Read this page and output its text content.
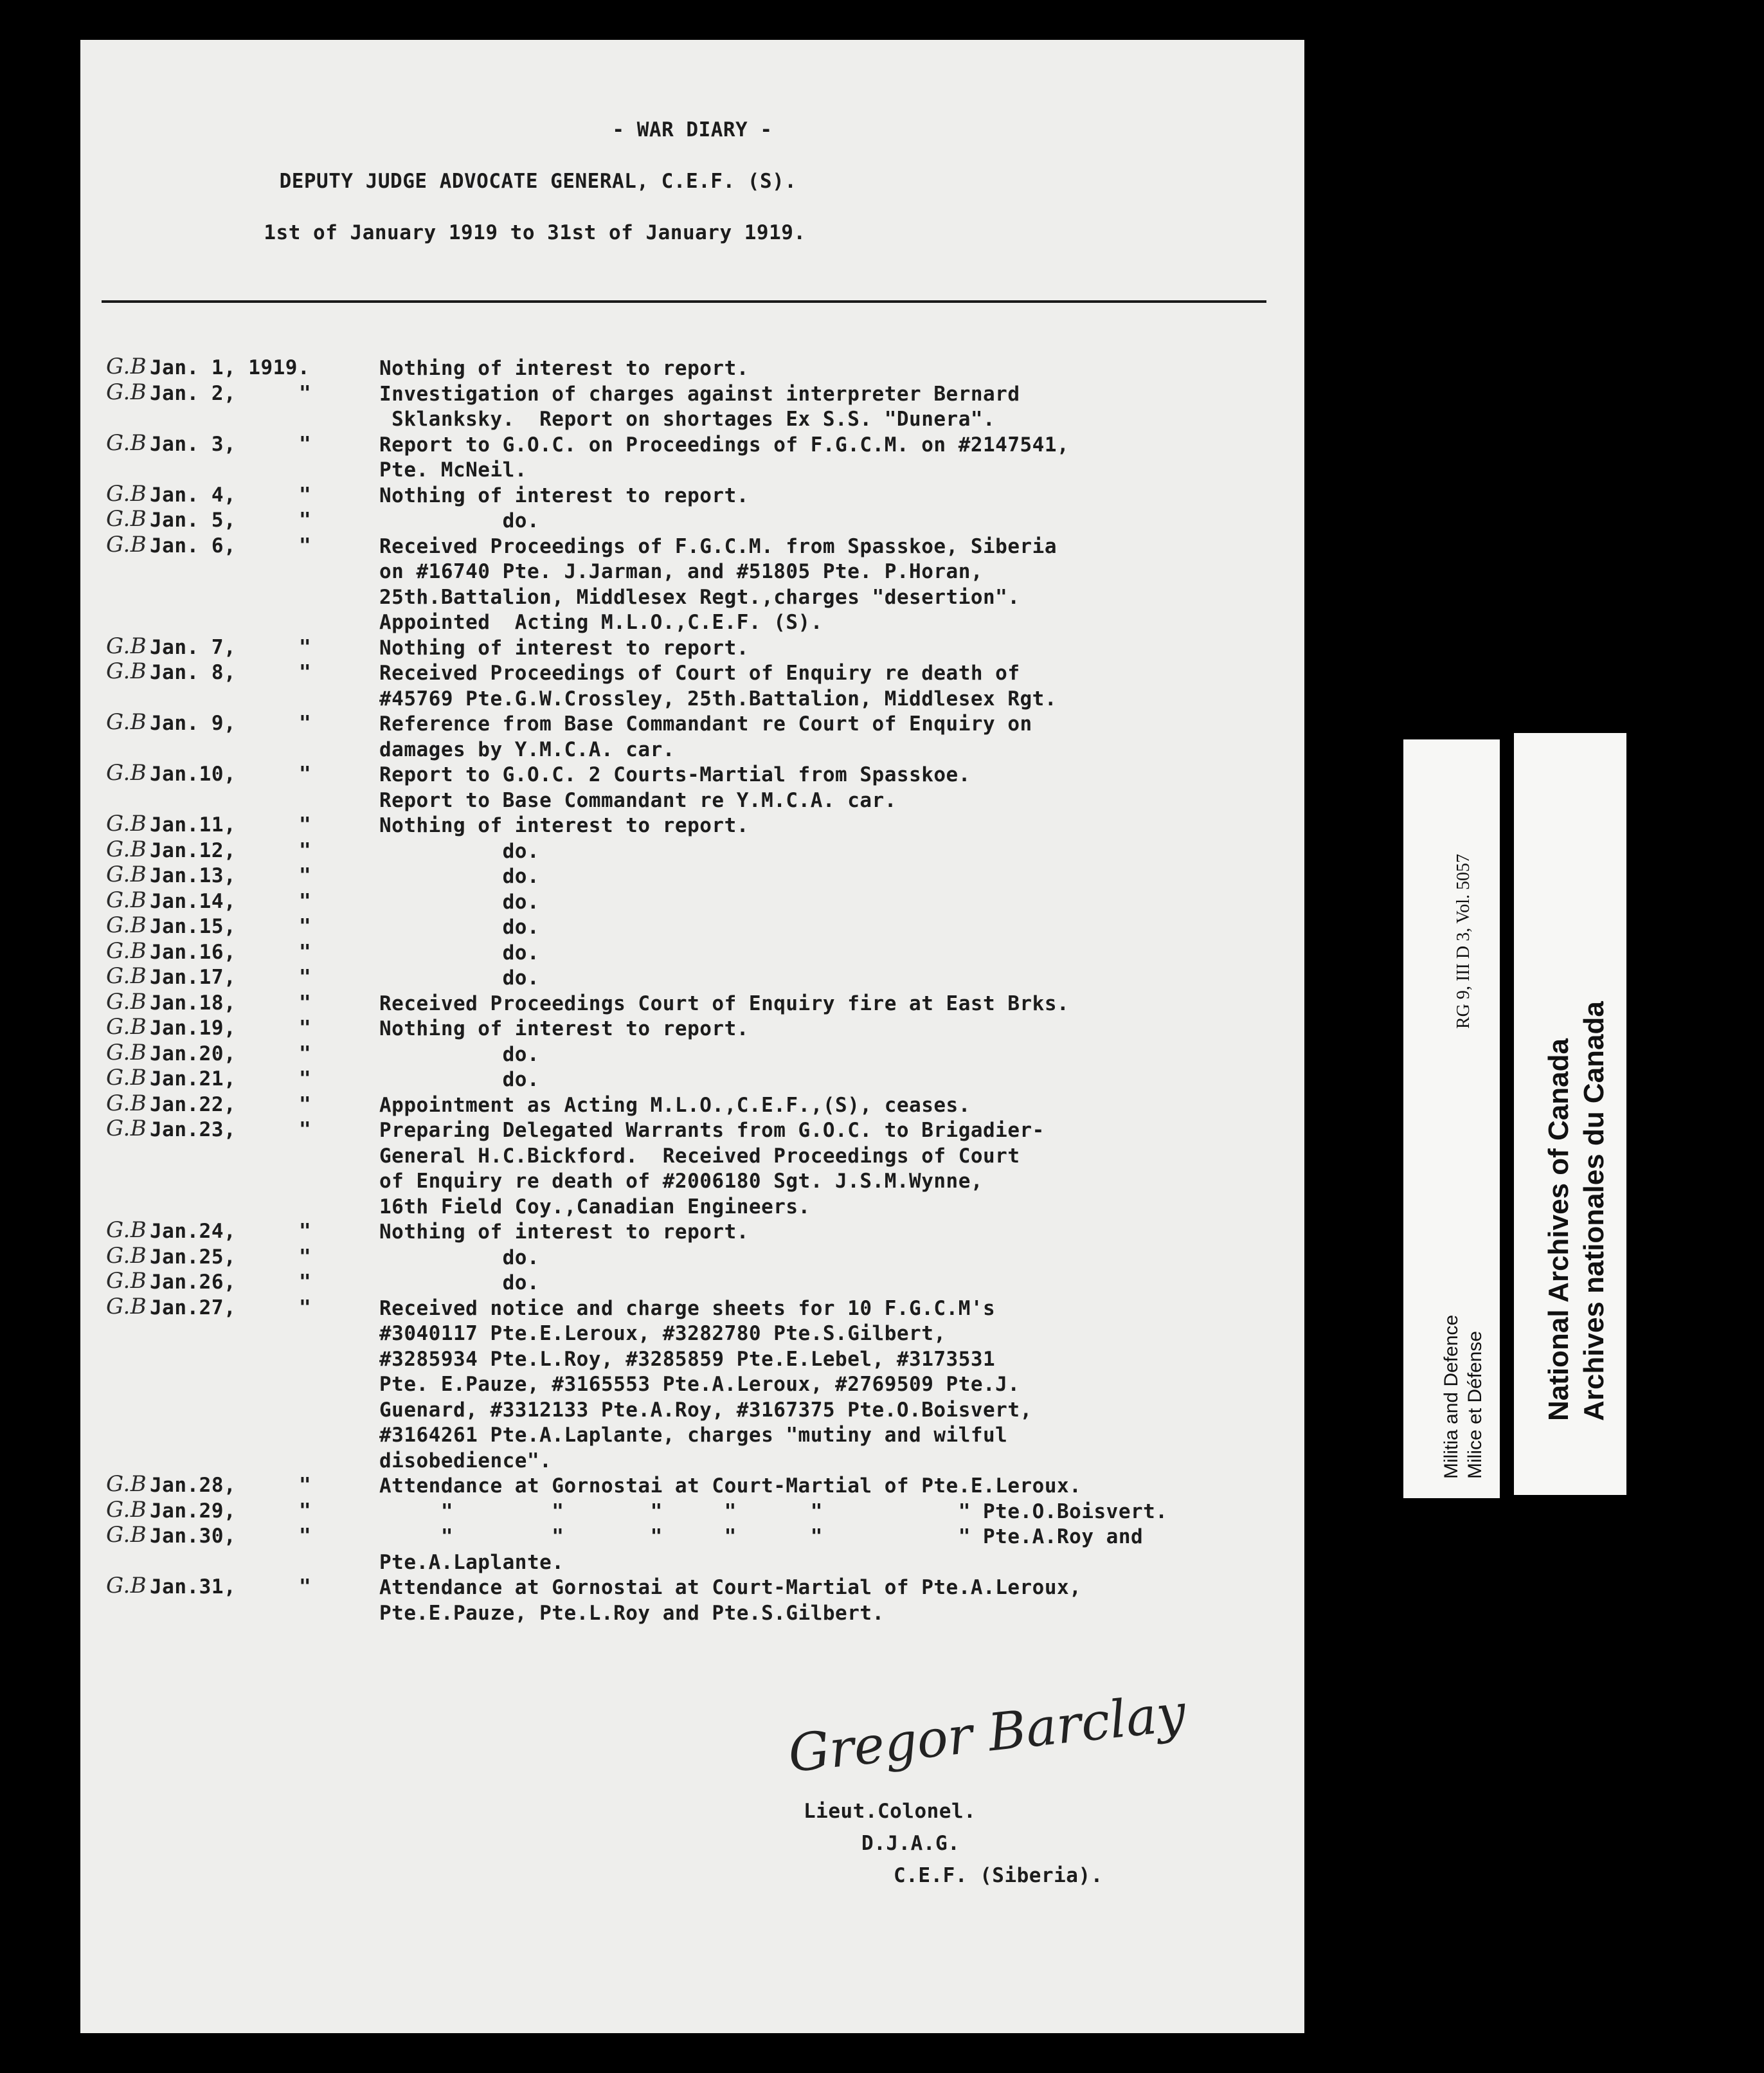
- WAR DIARY -
DEPUTY JUDGE ADVOCATE GENERAL, C.E.F. (S).
1st of January 1919 to 31st of January 1919.
G.B Jan. 1, 1919.	Nothing of interest to report.
G.B Jan. 2,	"	Investigation of charges against interpreter Bernard
Sklanksky.  Report on shortages Ex S.S. "Dunera".
G.B Jan. 3,	"	Report to G.O.C. on Proceedings of F.G.C.M. on #2147541,
Pte. McNeil.
G.B Jan. 4,	"	Nothing of interest to report.
G.B Jan. 5,	"	do.
G.B Jan. 6,	"	Received Proceedings of F.G.C.M. from Spasskoe, Siberia
on #16740 Pte. J.Jarman, and #51805 Pte. P.Horan,
25th.Battalion, Middlesex Regt.,charges "desertion".
Appointed  Acting M.L.O.,C.E.F. (S).
G.B Jan. 7,	"	Nothing of interest to report.
G.B Jan. 8,	"	Received Proceedings of Court of Enquiry re death of
#45769 Pte.G.W.Crossley, 25th.Battalion, Middlesex Rgt.
G.B Jan. 9,	"	Reference from Base Commandant re Court of Enquiry on
damages by Y.M.C.A. car.
G.B Jan.10,	"	Report to G.O.C. 2 Courts-Martial from Spasskoe.
Report to Base Commandant re Y.M.C.A. car.
G.B Jan.11,	"	Nothing of interest to report.
G.B Jan.12,	"	do.
G.B Jan.13,	"	do.
G.B Jan.14,	"	do.
G.B Jan.15,	"	do.
G.B Jan.16,	"	do.
G.B Jan.17,	"	do.
G.B Jan.18,	"	Received Proceedings Court of Enquiry fire at East Brks.
G.B Jan.19,	"	Nothing of interest to report.
G.B Jan.20,	"	do.
G.B Jan.21,	"	do.
G.B Jan.22,	"	Appointment as Acting M.L.O.,C.E.F.,(S), ceases.
G.B Jan.23,	"	Preparing Delegated Warrants from G.O.C. to Brigadier-
General H.C.Bickford.  Received Proceedings of Court
of Enquiry re death of #2006180 Sgt. J.S.M.Wynne,
16th Field Coy.,Canadian Engineers.
G.B Jan.24,	"	Nothing of interest to report.
G.B Jan.25,	"	do.
G.B Jan.26,	"	do.
G.B Jan.27,	"	Received notice and charge sheets for 10 F.G.C.M's
#3040117 Pte.E.Leroux, #3282780 Pte.S.Gilbert,
#3285934 Pte.L.Roy, #3285859 Pte.E.Lebel, #3173531
Pte. E.Pauze, #3165553 Pte.A.Leroux, #2769509 Pte.J.
Guenard, #3312133 Pte.A.Roy, #3167375 Pte.O.Boisvert,
#3164261 Pte.A.Laplante, charges "mutiny and wilful
disobedience".
G.B Jan.28,	"	Attendance at Gornostai at Court-Martial of Pte.E.Leroux.
G.B Jan.29,	"	"        "       "     "      "           " Pte.O.Boisvert.
G.B Jan.30,	"	"        "       "     "      "           " Pte.A.Roy and
Pte.A.Laplante.
G.B Jan.31,	"	Attendance at Gornostai at Court-Martial of Pte.A.Leroux,
Pte.E.Pauze, Pte.L.Roy and Pte.S.Gilbert.
Gregor Barclay
Lieut.Colonel.
D.J.A.G.
C.E.F. (Siberia).
Militia and Defence Milice et Défense
RG 9, III D 3, Vol. 5057
National Archives of Canada Archives nationales du Canada
